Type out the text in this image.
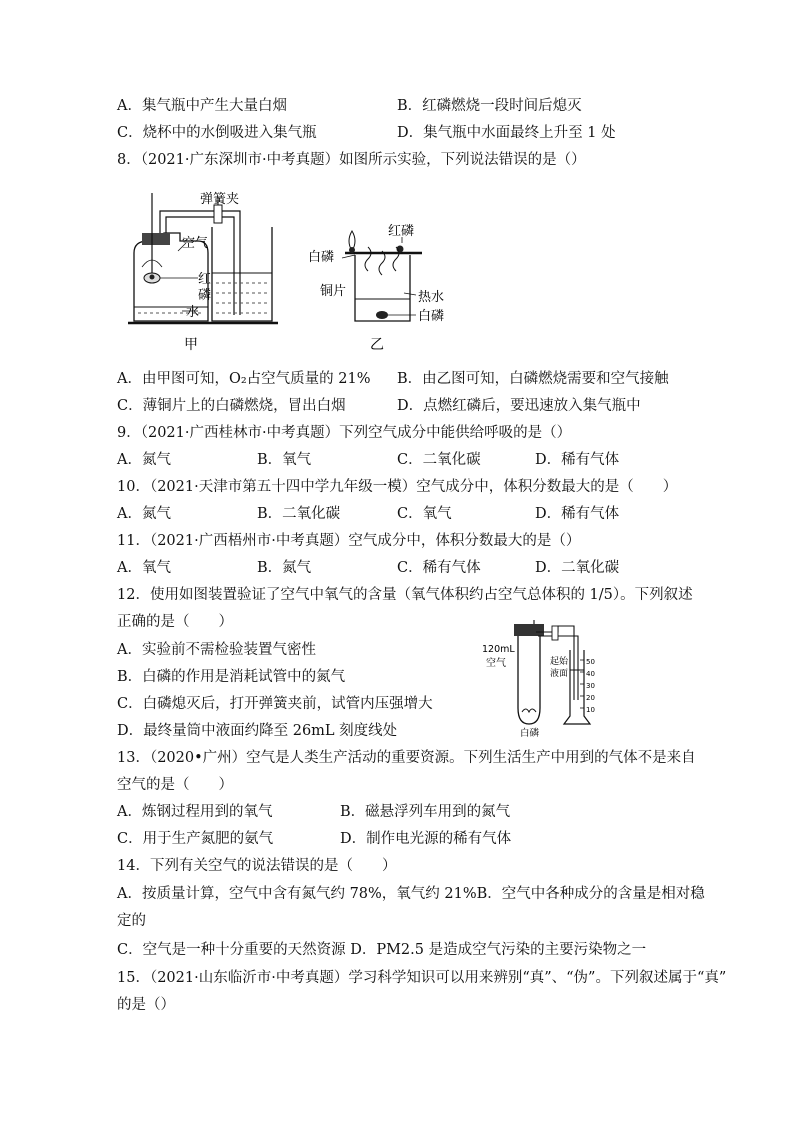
A．集气瓶中产生大量白烟	B．红磷燃烧一段时间后熄灭
C．烧杯中的水倒吸进入集气瓶	D．集气瓶中水面最终上升至 1 处
8．（2021·广东深圳市·中考真题）如图所示实验，下列说法错误的是（）
弹簧夹
空气
红
磷
水
甲
红磷
白磷
铜片	热水
白磷
乙
A．由甲图可知，O₂占空气质量的 21% B．由乙图可知，白磷燃烧需要和空气接触
C．薄铜片上的白磷燃烧，冒出白烟	D．点燃红磷后，要迅速放入集气瓶中
9．（2021·广西桂林市·中考真题）下列空气成分中能供给呼吸的是（）
A．氮气	B．氧气	C．二氧化碳	D．稀有气体
10．（2021·天津市第五十四中学九年级一模）空气成分中，体积分数最大的是（　　）
A．氮气	B．二氧化碳	C．氧气	D．稀有气体
11．（2021·广西梧州市·中考真题）空气成分中，体积分数最大的是（）
A．氧气	B．氮气	C．稀有气体	D．二氧化碳
12．使用如图装置验证了空气中氧气的含量（氧气体积约占空气总体积的 1/5）。下列叙述
正确的是（　　）
A．实验前不需检验装置气密性
B．白磷的作用是消耗试管中的氮气
C．白磷熄灭后，打开弹簧夹前，试管内压强增大
D．最终量筒中液面约降至 26mL 刻度线处
120mL
空气	起始
液面
白磷
50
40
30
20
10
13．（2020•广州）空气是人类生产活动的重要资源。下列生活生产中用到的气体不是来自
空气的是（　　）
A．炼钢过程用到的氧气	B．磁悬浮列车用到的氮气
C．用于生产氮肥的氨气	D．制作电光源的稀有气体
14．下列有关空气的说法错误的是（　　）
A．按质量计算，空气中含有氮气约 78%，氧气约 21%B．空气中各种成分的含量是相对稳
定的
C．空气是一种十分重要的天然资源 D．PM2.5 是造成空气污染的主要污染物之一
15．（2021·山东临沂市·中考真题）学习科学知识可以用来辨别“真”、“伪”。下列叙述属于“真”
的是（）
